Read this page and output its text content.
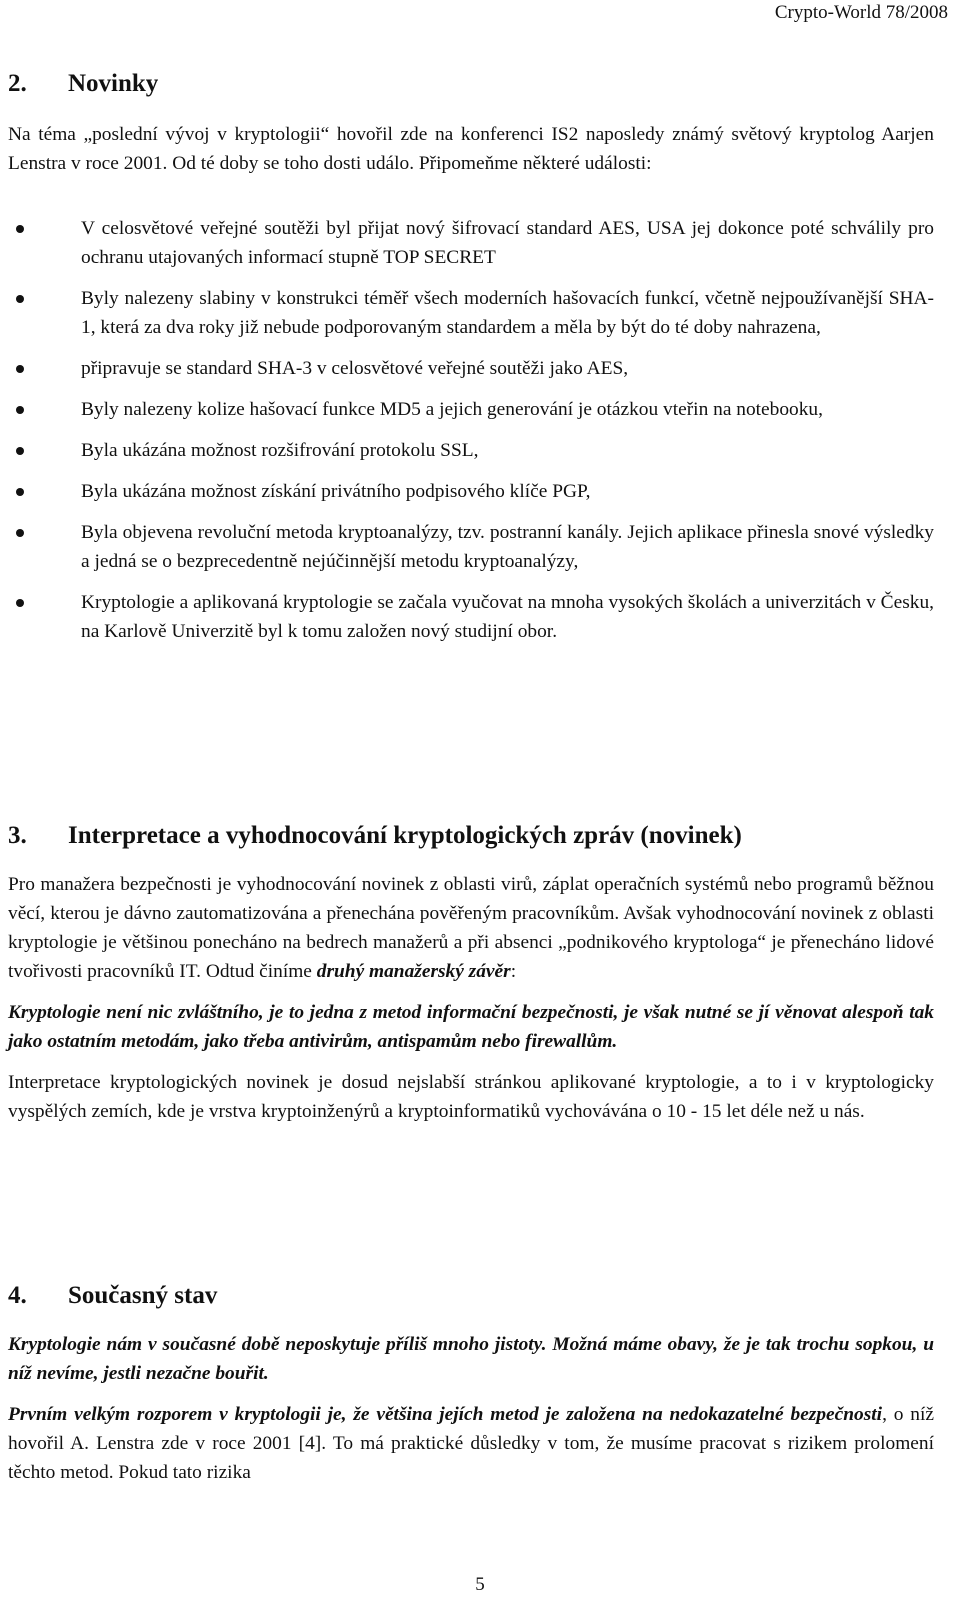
Crypto-World 78/2008
2. Novinky

Na téma „poslední vývoj v kryptologii“ hovořil zde na konferenci IS2 naposledy známý světový kryptolog Aarjen Lenstra v roce 2001. Od té doby se toho dosti událo. Připomeňme některé události:

V celosvětové veřejné soutěži byl přijat nový šifrovací standard AES, USA jej dokonce poté schválily pro ochranu utajovaných informací stupně TOP SECRET
Byly nalezeny slabiny v konstrukci téměř všech moderních hašovacích funkcí, včetně nejpoužívanější SHA-1, která za dva roky již nebude podporovaným standardem a měla by být do té doby nahrazena,
připravuje se standard SHA-3 v celosvětové veřejné soutěži jako AES,
Byly nalezeny kolize hašovací funkce MD5 a jejich generování je otázkou vteřin na notebooku,
Byla ukázána možnost rozšifrování protokolu SSL,
Byla ukázána možnost získání privátního podpisového klíče PGP,
Byla objevena revoluční metoda kryptoanalýzy, tzv. postranní kanály. Jejich aplikace přinesla snové výsledky a jedná se o bezprecedentně nejúčinnější metodu kryptoanalýzy,
Kryptologie a aplikovaná kryptologie se začala vyučovat na mnoha vysokých školách a univerzitách v Česku, na Karlově Univerzitě byl k tomu založen nový studijní obor.
3. Interpretace a vyhodnocování kryptologických zpráv (novinek)

Pro manažera bezpečnosti je vyhodnocování novinek z oblasti virů, záplat operačních systémů nebo programů běžnou věcí, kterou je dávno zautomatizována a přenechána pověřeným pracovníkům. Avšak vyhodnocování novinek z oblasti kryptologie je většinou ponecháno na bedrech manažerů a při absenci „podnikového kryptologa“ je přenecháno lidové tvořivosti pracovníků IT. Odtud činíme druhý manažerský závěr:

Kryptologie není nic zvláštního, je to jedna z metod informační bezpečnosti, je však nutné se jí věnovat alespoň tak jako ostatním metodám, jako třeba antivirům, antispamům nebo firewallům.

Interpretace kryptologických novinek je dosud nejslabší stránkou aplikované kryptologie, a to i v kryptologicky vyspělých zemích, kde je vrstva kryptoinženýrů a kryptoinformatiků vychovávána o 10 - 15 let déle než u nás.

4. Současný stav

Kryptologie nám v současné době neposkytuje příliš mnoho jistoty. Možná máme obavy, že je tak trochu sopkou, u níž nevíme, jestli nezačne bouřit.

Prvním velkým rozporem v kryptologii je, že většina jejích metod je založena na nedokazatelné bezpečnosti, o níž hovořil A. Lenstra zde v roce 2001 [4]. To má praktické důsledky v tom, že musíme pracovat s rizikem prolomení těchto metod. Pokud tato rizika

5
